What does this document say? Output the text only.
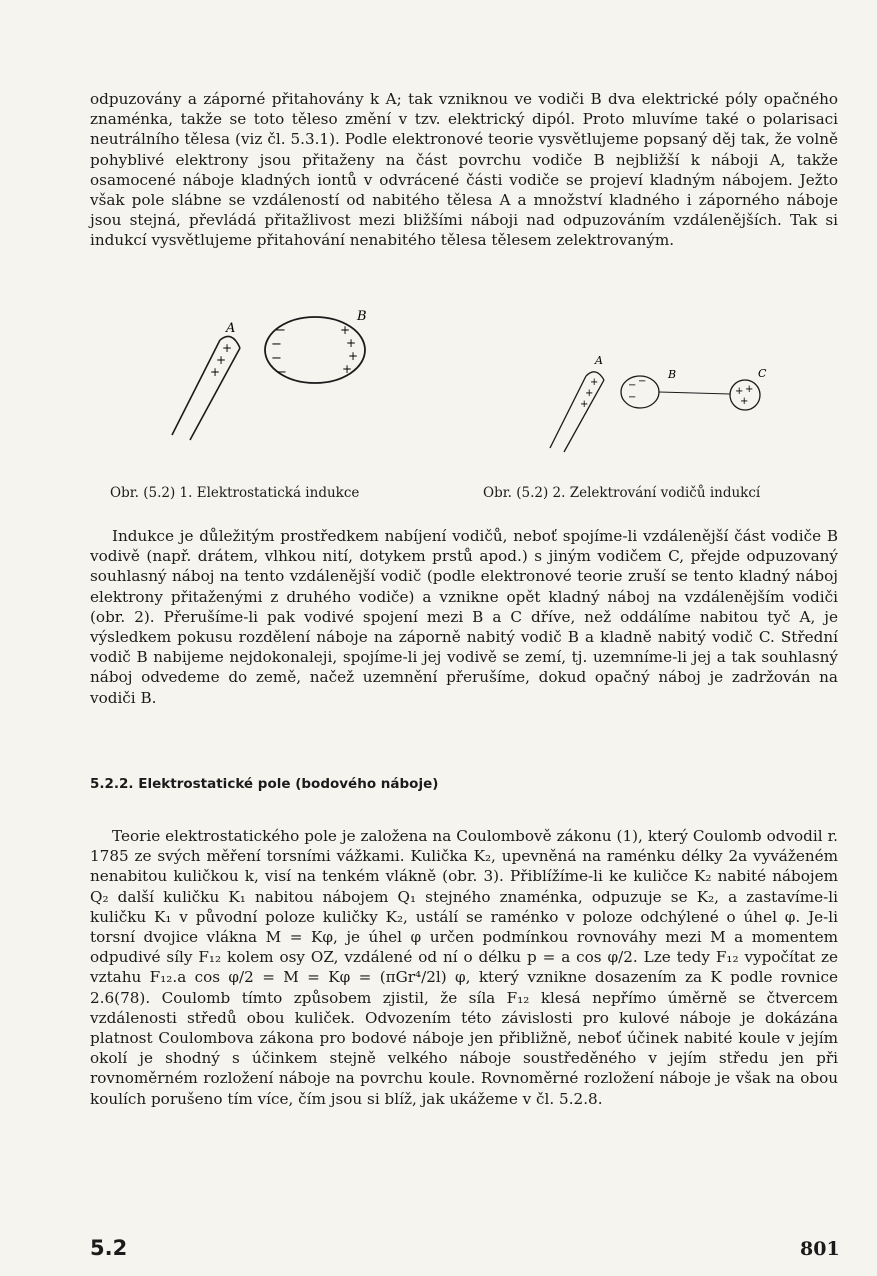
odpuzovány a záporné přitahovány k A; tak vzniknou ve vodiči B dva elektrické póly opačného znaménka, takže se toto těleso změní v tzv. elektrický dipól. Proto mluvíme také o polarisaci neutrálního tělesa (viz čl. 5.3.1). Podle elektronové teorie vysvětlujeme popsaný děj tak, že volně pohyblivé elektrony jsou přitaženy na část povrchu vodiče B nejbližší k náboji A, takže osamocené náboje kladných iontů v odvrácené části vodiče se projeví kladným nábojem. Ježto však pole slábne se vzdáleností od nabitého tělesa A a množství kladného i záporného náboje jsou stejná, převládá přitažlivost mezi bližšími náboji nad odpuzováním vzdálenějších. Tak si indukcí vysvětlujeme přitahování nenabitého tělesa tělesem zelektrovaným.

+
+
+
A	−
−
−
−
+
+
+
+
B
+
+
+
A
−
−
−
B
+ +
+
C
Obr. (5.2) 1. Elektrostatická indukce	Obr. (5.2) 2. Zelektrování vodičů indukcí

Indukce je důležitým prostředkem nabíjení vodičů, neboť spojíme-li vzdálenější část vodiče B vodivě (např. drátem, vlhkou nití, dotykem prstů apod.) s jiným vodičem C, přejde odpuzovaný souhlasný náboj na tento vzdálenější vodič (podle elektronové teorie zruší se tento kladný náboj elektrony přitaženými z druhého vodiče) a vznikne opět kladný náboj na vzdálenějším vodiči (obr. 2). Přerušíme-li pak vodivé spojení mezi B a C dříve, než oddálíme nabitou tyč A, je výsledkem pokusu rozdělení náboje na záporně nabitý vodič B a kladně nabitý vodič C. Střední vodič B nabijeme nejdokonaleji, spojíme-li jej vodivě se zemí, tj. uzemníme-li jej a tak souhlasný náboj odvedeme do země, načež uzemnění přerušíme, dokud opačný náboj je zadržován na vodiči B.

5.2.2. Elektrostatické pole (bodového náboje)

Teorie elektrostatického pole je založena na Coulombově zákonu (1), který Coulomb odvodil r. 1785 ze svých měření torsními vážkami. Kulička K₂, upevněná na raménku délky 2a vyváženém nenabitou kuličkou k, visí na tenkém vlákně (obr. 3). Přiblížíme-li ke kuličce K₂ nabité nábojem Q₂ další kuličku K₁ nabitou nábojem Q₁ stejného znaménka, odpuzuje se K₂, a zastavíme-li kuličku K₁ v původní poloze kuličky K₂, ustálí se raménko v poloze odchýlené o úhel φ. Je-li torsní dvojice vlákna M = Kφ, je úhel φ určen podmínkou rovnováhy mezi M a momentem odpudivé síly F₁₂ kolem osy OZ, vzdálené od ní o délku p = a cos φ/2. Lze tedy F₁₂ vypočítat ze vztahu F₁₂.a cos φ/2 = M = Kφ = (πGr⁴/2l) φ, který vznikne dosazením za K podle rovnice 2.6(78). Coulomb tímto způsobem zjistil, že síla F₁₂ klesá nepřímo úměrně se čtvercem vzdálenosti středů obou kuliček. Odvozením této závislosti pro kulové náboje je dokázána platnost Coulombova zákona pro bodové náboje jen přibližně, neboť účinek nabité koule v jejím okolí je shodný s účinkem stejně velkého náboje soustředěného v jejím středu jen při rovnoměrném rozložení náboje na povrchu koule. Rovnoměrné rozložení náboje je však na obou koulích porušeno tím více, čím jsou si blíž, jak ukážeme v čl. 5.2.8.

5.2	801
